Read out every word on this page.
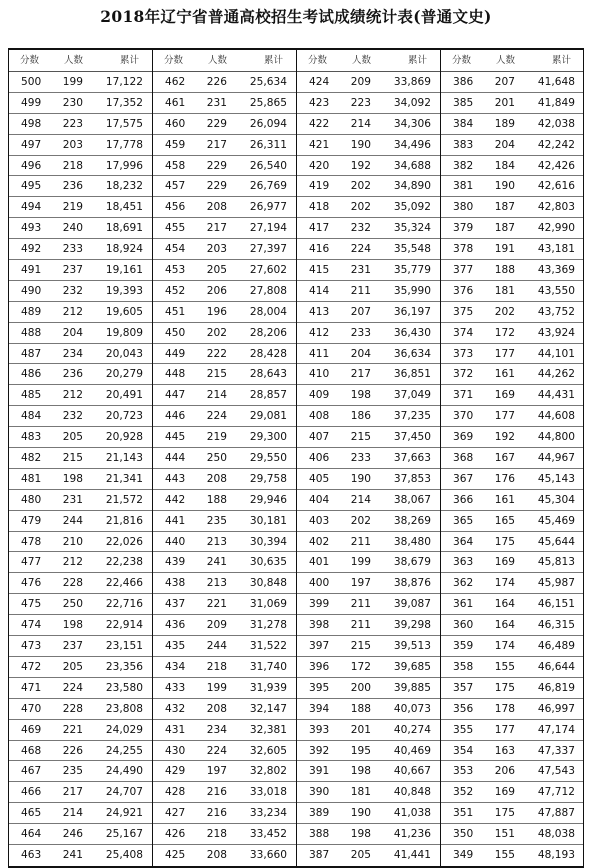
2018年辽宁省普通高校招生考试成绩统计表(普通文史)
分数	人数	累计
500	199	17,122
499	230	17,352
498	223	17,575
497	203	17,778
496	218	17,996
495	236	18,232
494	219	18,451
493	240	18,691
492	233	18,924
491	237	19,161
490	232	19,393
489	212	19,605
488	204	19,809
487	234	20,043
486	236	20,279
485	212	20,491
484	232	20,723
483	205	20,928
482	215	21,143
481	198	21,341
480	231	21,572
479	244	21,816
478	210	22,026
477	212	22,238
476	228	22,466
475	250	22,716
474	198	22,914
473	237	23,151
472	205	23,356
471	224	23,580
470	228	23,808
469	221	24,029
468	226	24,255
467	235	24,490
466	217	24,707
465	214	24,921
464	246	25,167
463	241	25,408
分数	人数	累计
462	226	25,634
461	231	25,865
460	229	26,094
459	217	26,311
458	229	26,540
457	229	26,769
456	208	26,977
455	217	27,194
454	203	27,397
453	205	27,602
452	206	27,808
451	196	28,004
450	202	28,206
449	222	28,428
448	215	28,643
447	214	28,857
446	224	29,081
445	219	29,300
444	250	29,550
443	208	29,758
442	188	29,946
441	235	30,181
440	213	30,394
439	241	30,635
438	213	30,848
437	221	31,069
436	209	31,278
435	244	31,522
434	218	31,740
433	199	31,939
432	208	32,147
431	234	32,381
430	224	32,605
429	197	32,802
428	216	33,018
427	216	33,234
426	218	33,452
425	208	33,660
分数	人数	累计
424	209	33,869
423	223	34,092
422	214	34,306
421	190	34,496
420	192	34,688
419	202	34,890
418	202	35,092
417	232	35,324
416	224	35,548
415	231	35,779
414	211	35,990
413	207	36,197
412	233	36,430
411	204	36,634
410	217	36,851
409	198	37,049
408	186	37,235
407	215	37,450
406	233	37,663
405	190	37,853
404	214	38,067
403	202	38,269
402	211	38,480
401	199	38,679
400	197	38,876
399	211	39,087
398	211	39,298
397	215	39,513
396	172	39,685
395	200	39,885
394	188	40,073
393	201	40,274
392	195	40,469
391	198	40,667
390	181	40,848
389	190	41,038
388	198	41,236
387	205	41,441
分数	人数	累计
386	207	41,648
385	201	41,849
384	189	42,038
383	204	42,242
382	184	42,426
381	190	42,616
380	187	42,803
379	187	42,990
378	191	43,181
377	188	43,369
376	181	43,550
375	202	43,752
374	172	43,924
373	177	44,101
372	161	44,262
371	169	44,431
370	177	44,608
369	192	44,800
368	167	44,967
367	176	45,143
366	161	45,304
365	165	45,469
364	175	45,644
363	169	45,813
362	174	45,987
361	164	46,151
360	164	46,315
359	174	46,489
358	155	46,644
357	175	46,819
356	178	46,997
355	177	47,174
354	163	47,337
353	206	47,543
352	169	47,712
351	175	47,887
350	151	48,038
349	155	48,193
